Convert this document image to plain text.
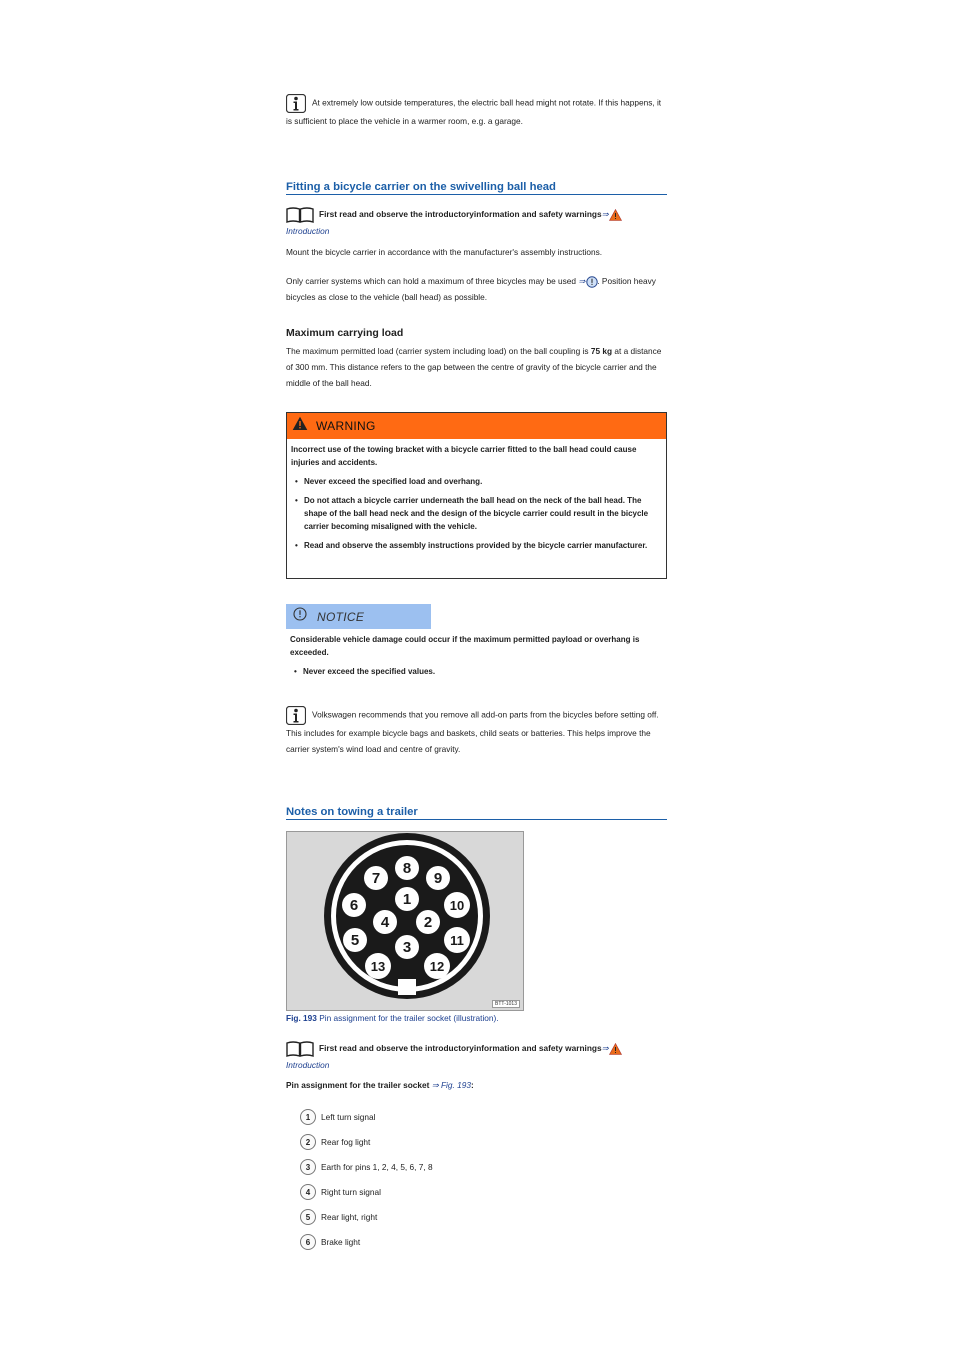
At extremely low outside temperatures, the electric ball head might not rotate. If this happens, it is sufficient to place the vehicle in a warmer room, e.g. a garage.
Fitting a bicycle carrier on the swivelling ball head
First read and observe the introductoryinformation and safety warnings⇒
Introduction
Mount the bicycle carrier in accordance with the manufacturer's assembly instructions.
Only carrier systems which can hold a maximum of three bicycles may be used ⇒ . Position heavy bicycles as close to the vehicle (ball head) as possible.
Maximum carrying load
The maximum permitted load (carrier system including load) on the ball coupling is 75 kg at a distance of 300 mm. This distance refers to the gap between the centre of gravity of the bicycle carrier and the middle of the ball head.
WARNING
Incorrect use of the towing bracket with a bicycle carrier fitted to the ball head could cause injuries and accidents.
• Never exceed the specified load and overhang.
• Do not attach a bicycle carrier underneath the ball head on the neck of the ball head. The shape of the ball head neck and the design of the bicycle carrier could result in the bicycle carrier becoming misaligned with the vehicle.
• Read and observe the assembly instructions provided by the bicycle carrier manufacturer.
NOTICE
Considerable vehicle damage could occur if the maximum permitted payload or overhang is exceeded.
• Never exceed the specified values.
Volkswagen recommends that you remove all add-on parts from the bicycles before setting off. This includes for example bicycle bags and baskets, child seats or batteries. This helps improve the carrier system's wind load and centre of gravity.
Notes on towing a trailer
1
2
3
4
5
6
7
8
9
10
11
12
13
BTT-1013
Fig. 193 Pin assignment for the trailer socket (illustration).
First read and observe the introductoryinformation and safety warnings⇒
Introduction
Pin assignment for the trailer socket ⇒ Fig. 193:
1	Left turn signal
2	Rear fog light
3	Earth for pins 1, 2, 4, 5, 6, 7, 8
4	Right turn signal
5	Rear light, right
6	Brake light
